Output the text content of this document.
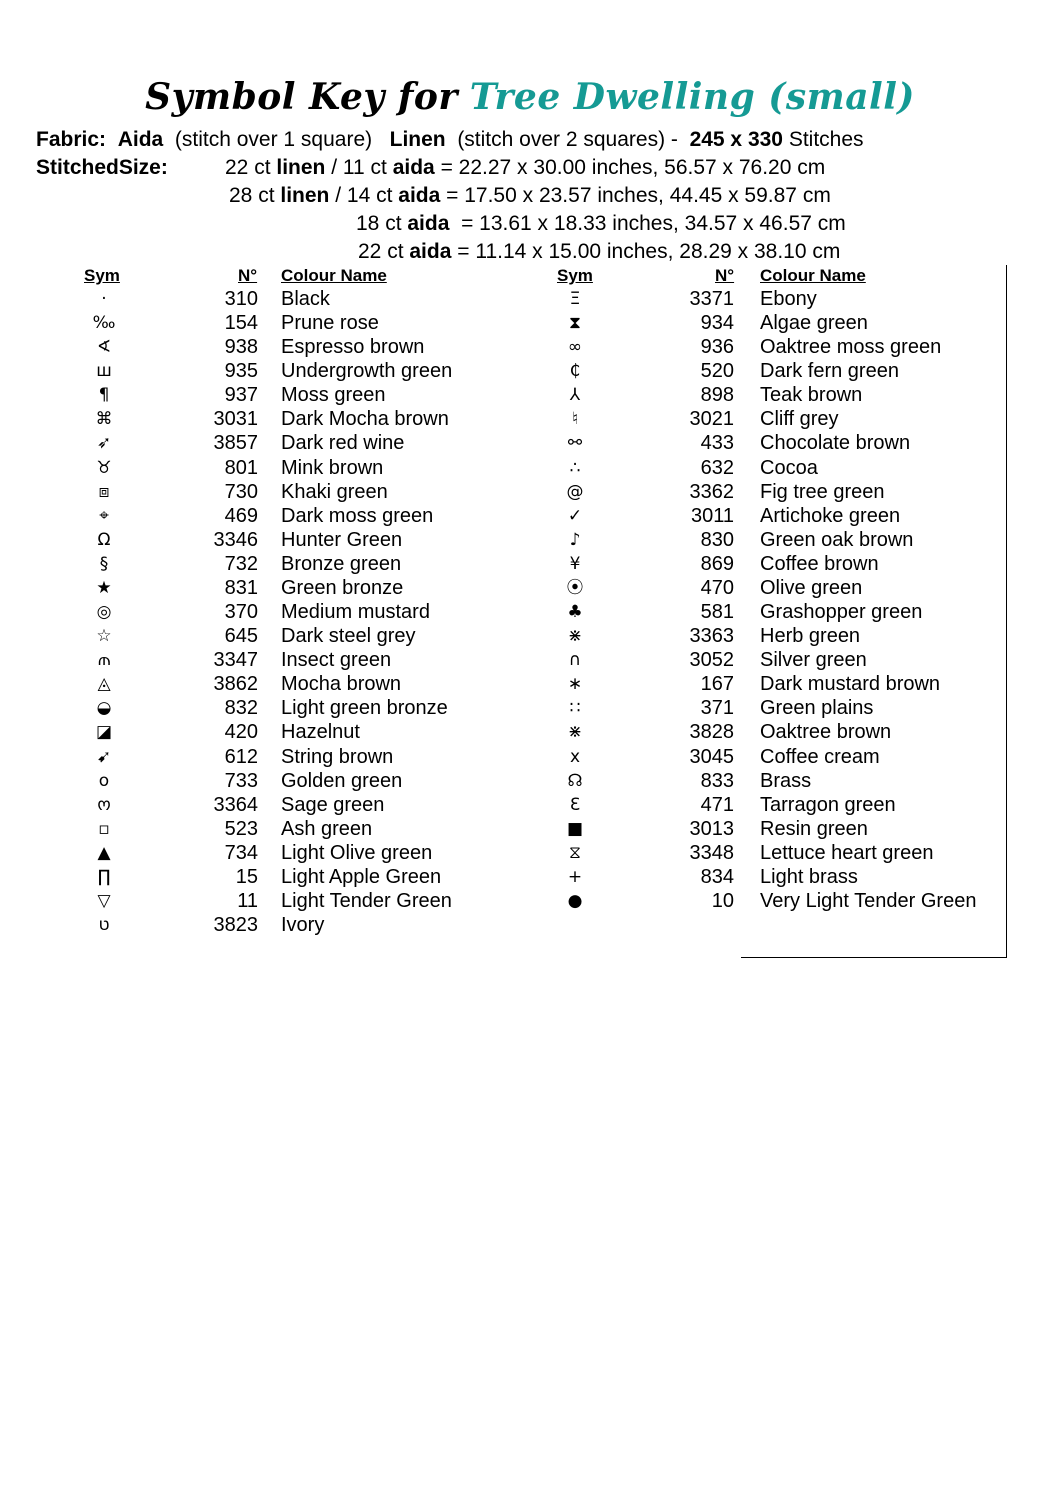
Symbol Key for Tree Dwelling (small)
Fabric: Aida (stitch over 1 square) Linen (stitch over 2 squares) - 245 x 330 Stitches
StitchedSize:	22 ct linen / 11 ct aida = 22.27 x 30.00 inches, 56.57 x 76.20 cm
28 ct linen / 14 ct aida = 17.50 x 23.57 inches, 44.45 x 59.87 cm
18 ct aida  = 13.61 x 18.33 inches, 34.57 x 46.57 cm
22 ct aida = 11.14 x 15.00 inches, 28.29 x 38.10 cm
Sym	N° Colour Name	Sym	N° Colour Name
·	310 Black
‰	154 Prune rose
∢	938 Espresso brown
ш	935 Undergrowth green
¶	937 Moss green
⌘	3031 Dark Mocha brown
➶	3857 Dark red wine
♉	801 Mink brown
⧈	730 Khaki green
⌖	469 Dark moss green
Ω	3346 Hunter Green
§	732 Bronze green
★	831 Green bronze
◎	370 Medium mustard
☆	645 Dark steel grey
⫙	3347 Insect green
◬	3862 Mocha brown
◒	832 Light green bronze
◪	420 Hazelnut
➹	612 String brown
o	733 Golden green
ო	3364 Sage green
▫	523 Ash green
▲	734 Light Olive green
∏	15 Light Apple Green
▽	11 Light Tender Green
ט	3823 Ivory
Ξ	3371 Ebony
⧗	934 Algae green
∞	936 Oaktree moss green
₵	520 Dark fern green
⅄	898 Teak brown
♮	3021 Cliff grey
⚯	433 Chocolate brown
∴	632 Cocoa
@	3362 Fig tree green
✓	3011 Artichoke green
♪	830 Green oak brown
¥	869 Coffee brown
⦿	470 Olive green
♣	581 Grashopper green
⋇	3363 Herb green
∩	3052 Silver green
∗	167 Dark mustard brown
∷	371 Green plains
⋇	3828 Oaktree brown
x	3045 Coffee cream
☊	833 Brass
Ɛ	471 Tarragon green
■	3013 Resin green
⧖	3348 Lettuce heart green
+	834 Light brass
●	10 Very Light Tender Green
